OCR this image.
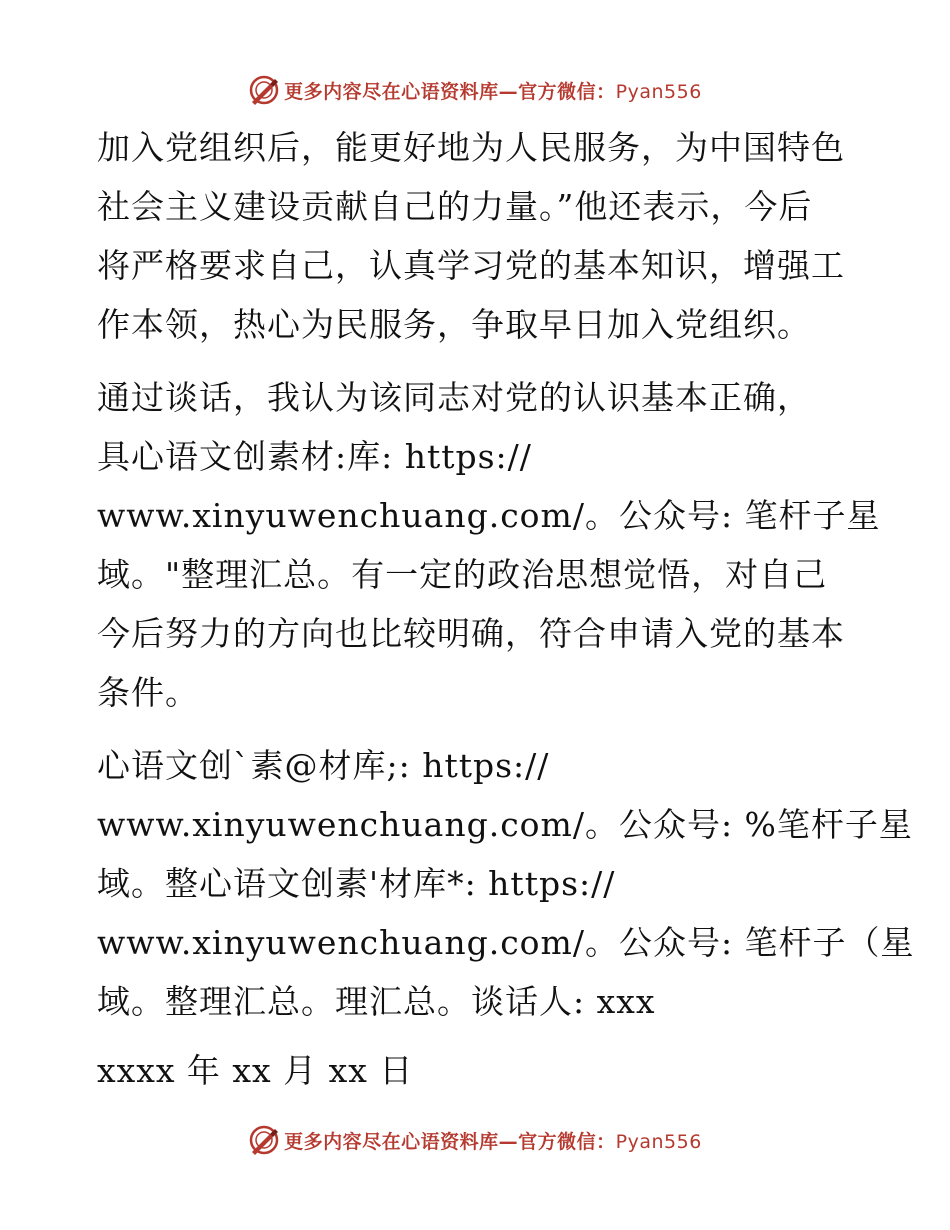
更多内容尽在心语资料库—官方微信：Pyan556
加入党组织后，能更好地为人民服务，为中国特色
社会主义建设贡献自己的力量。”他还表示，今后
将严格要求自己，认真学习党的基本知识，增强工
作本领，热心为民服务，争取早日加入党组织。
通过谈话，我认为该同志对党的认识基本正确，
具心语文创素材:库: https://
www.xinyuwenchuang.com/。公众号: 笔杆子星
域。"整理汇总。有一定的政治思想觉悟，对自己
今后努力的方向也比较明确，符合申请入党的基本
条件。
心语文创`素@材库;: https://
www.xinyuwenchuang.com/。公众号: %笔杆子星
域。整心语文创素'材库*: https://
www.xinyuwenchuang.com/。公众号: 笔杆子（星
域。整理汇总。理汇总。谈话人: xxx
xxxx 年 xx 月 xx 日
更多内容尽在心语资料库—官方微信：Pyan556
